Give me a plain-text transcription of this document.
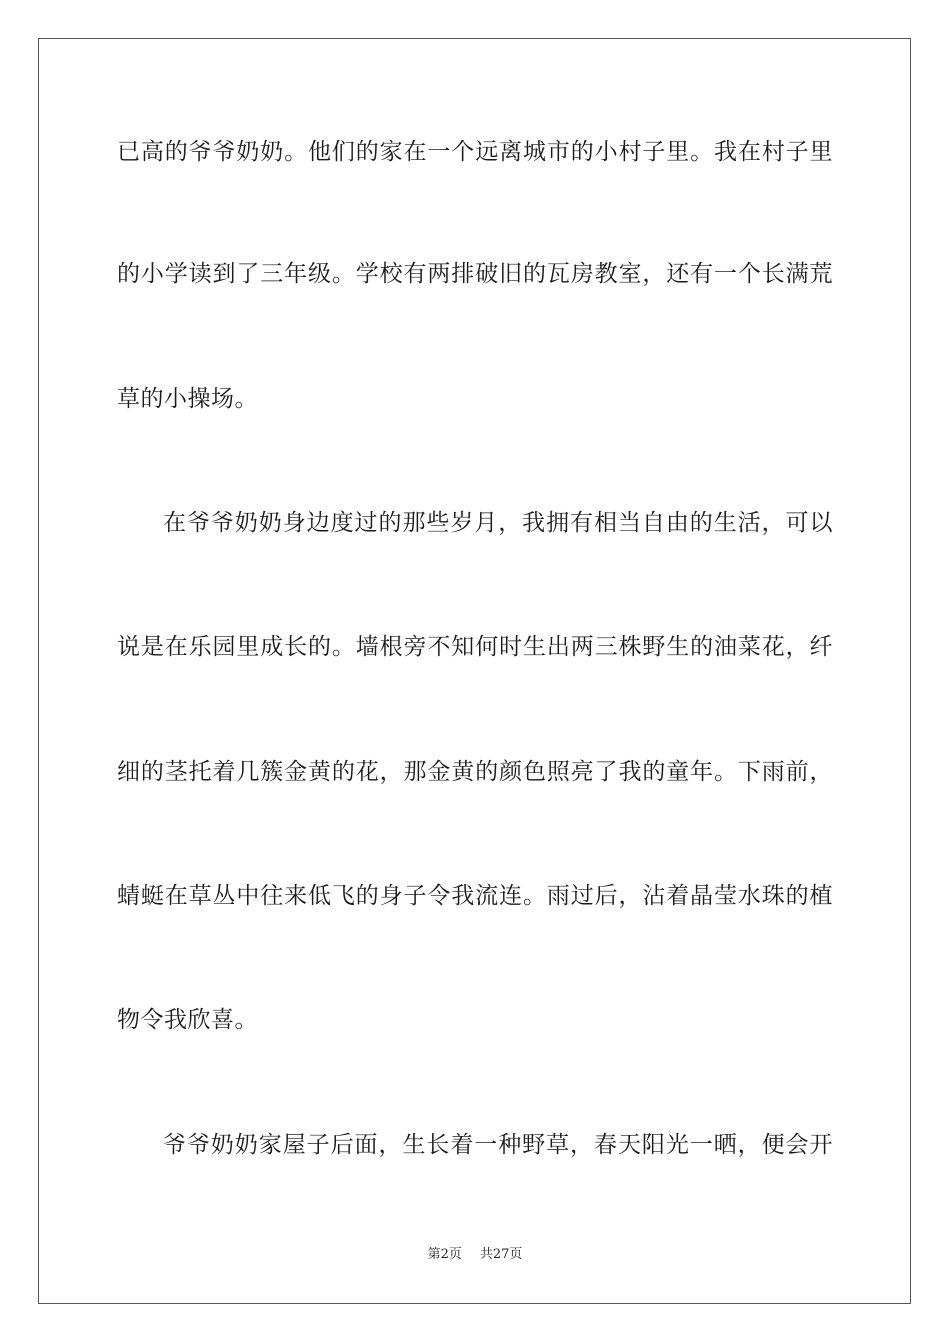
已高的爷爷奶奶。他们的家在一个远离城市的小村子里。我在村子里
的小学读到了三年级。学校有两排破旧的瓦房教室，还有一个长满荒
草的小操场。
在爷爷奶奶身边度过的那些岁月，我拥有相当自由的生活，可以
说是在乐园里成长的。墙根旁不知何时生出两三株野生的油菜花，纤
细的茎托着几簇金黄的花，那金黄的颜色照亮了我的童年。下雨前，
蜻蜓在草丛中往来低飞的身子令我流连。雨过后，沾着晶莹水珠的植
物令我欣喜。
爷爷奶奶家屋子后面，生长着一种野草，春天阳光一晒，便会开
第2页 共27页
